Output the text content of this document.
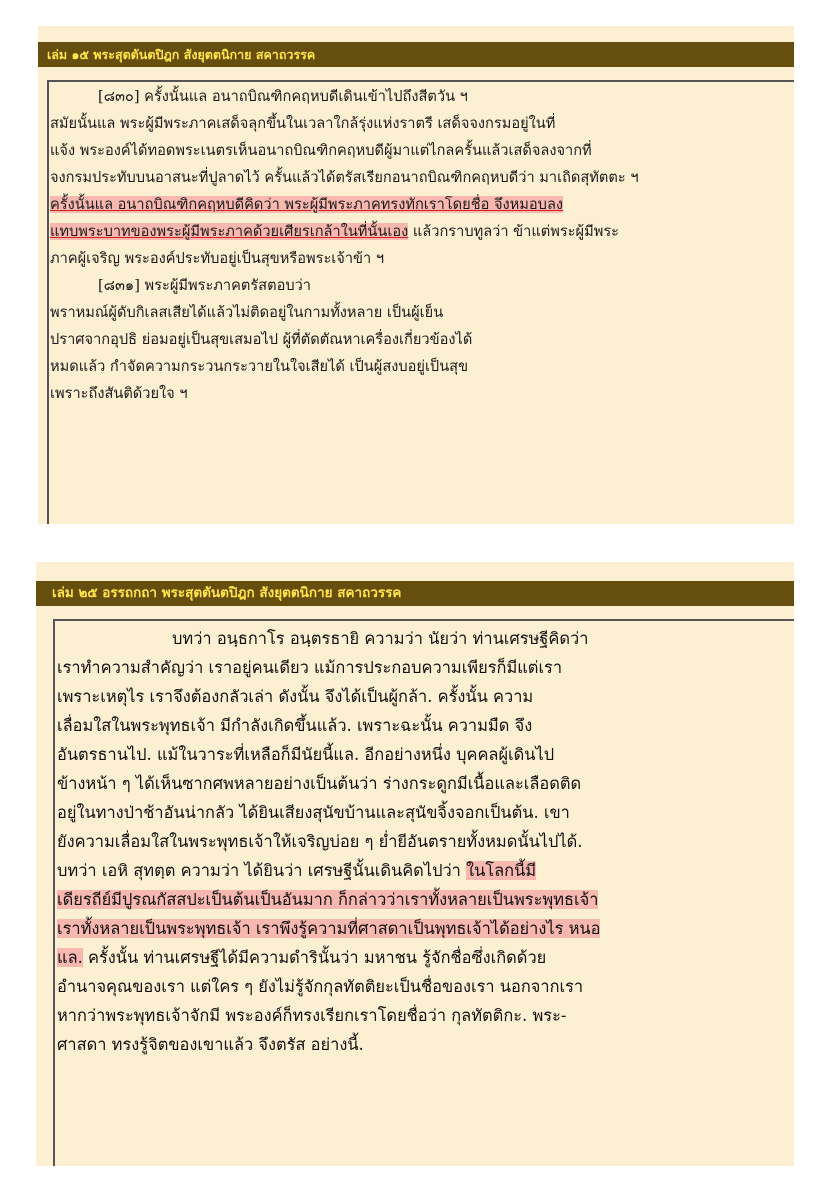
เล่ม ๑๕ พระสุตตันตปิฎก สังยุตตนิกาย สคาถวรรค
[๘๓๐] ครั้งนั้นแล อนาถบิณฑิกคฤหบดีเดินเข้าไปถึงสีตวัน ฯ
สมัยนั้นแล พระผู้มีพระภาคเสด็จลุกขึ้นในเวลาใกล้รุ่งแห่งราตรี เสด็จจงกรมอยู่ในที่
แจ้ง พระองค์ได้ทอดพระเนตรเห็นอนาถบิณฑิกคฤหบดีผู้มาแต่ไกลครั้นแล้วเสด็จลงจากที่
จงกรมประทับบนอาสนะที่ปูลาดไว้ ครั้นแล้วได้ตรัสเรียกอนาถบิณฑิกคฤหบดีว่า มาเถิดสุทัตตะ ฯ
ครั้งนั้นแล อนาถบิณฑิกคฤหบดีคิดว่า พระผู้มีพระภาคทรงทักเราโดยชื่อ จึงหมอบลง
แทบพระบาทของพระผู้มีพระภาคด้วยเศียรเกล้าในที่นั้นเอง แล้วกราบทูลว่า ข้าแต่พระผู้มีพระ
ภาคผู้เจริญ พระองค์ประทับอยู่เป็นสุขหรือพระเจ้าข้า ฯ
[๘๓๑] พระผู้มีพระภาคตรัสตอบว่า
พราหมณ์ผู้ดับกิเลสเสียได้แล้วไม่ติดอยู่ในกามทั้งหลาย เป็นผู้เย็น
ปราศจากอุปธิ ย่อมอยู่เป็นสุขเสมอไป ผู้ที่ตัดตัณหาเครื่องเกี่ยวข้องได้
หมดแล้ว กำจัดความกระวนกระวายในใจเสียได้ เป็นผู้สงบอยู่เป็นสุข
เพราะถึงสันติด้วยใจ ฯ
เล่ม ๒๕ อรรถกถา พระสุตตันตปิฎก สังยุตตนิกาย สคาถวรรค
บทว่า อนฺธกาโร อนฺตรธายิ ความว่า นัยว่า ท่านเศรษฐีคิดว่า
เราทำความสำคัญว่า เราอยู่คนเดียว แม้การประกอบความเพียรก็มีแต่เรา
เพราะเหตุไร เราจึงต้องกลัวเล่า ดังนั้น จึงได้เป็นผู้กล้า. ครั้งนั้น ความ
เลื่อมใสในพระพุทธเจ้า มีกำลังเกิดขึ้นแล้ว. เพราะฉะนั้น ความมืด จึง
อันตรธานไป. แม้ในวาระที่เหลือก็มีนัยนี้แล. อีกอย่างหนึ่ง บุคคลผู้เดินไป
ข้างหน้า ๆ ได้เห็นซากศพหลายอย่างเป็นต้นว่า ร่างกระดูกมีเนื้อและเลือดติด
อยู่ในทางป่าช้าอันน่ากลัว ได้ยินเสียงสุนัขบ้านและสุนัขจิ้งจอกเป็นต้น. เขา
ยังความเลื่อมใสในพระพุทธเจ้าให้เจริญบ่อย ๆ ย่ำยีอันตรายทั้งหมดนั้นไปได้.
บทว่า เอหิ สุทตฺต ความว่า ได้ยินว่า เศรษฐีนั้นเดินคิดไปว่า ในโลกนี้มี
เดียรถีย์มีปูรณกัสสปะเป็นต้นเป็นอันมาก ก็กล่าวว่าเราทั้งหลายเป็นพระพุทธเจ้า
เราทั้งหลายเป็นพระพุทธเจ้า เราพึงรู้ความที่ศาสดาเป็นพุทธเจ้าได้อย่างไร หนอ
แล. ครั้งนั้น ท่านเศรษฐีได้มีความดำรินั้นว่า มหาชน รู้จักชื่อซึ่งเกิดด้วย
อำนาจคุณของเรา แต่ใคร ๆ ยังไม่รู้จักกุลทัตติยะเป็นชื่อของเรา นอกจากเรา
หากว่าพระพุทธเจ้าจักมี พระองค์ก็ทรงเรียกเราโดยชื่อว่า กุลทัตติกะ. พระ-
ศาสดา ทรงรู้จิตของเขาแล้ว จึงตรัส อย่างนี้.
